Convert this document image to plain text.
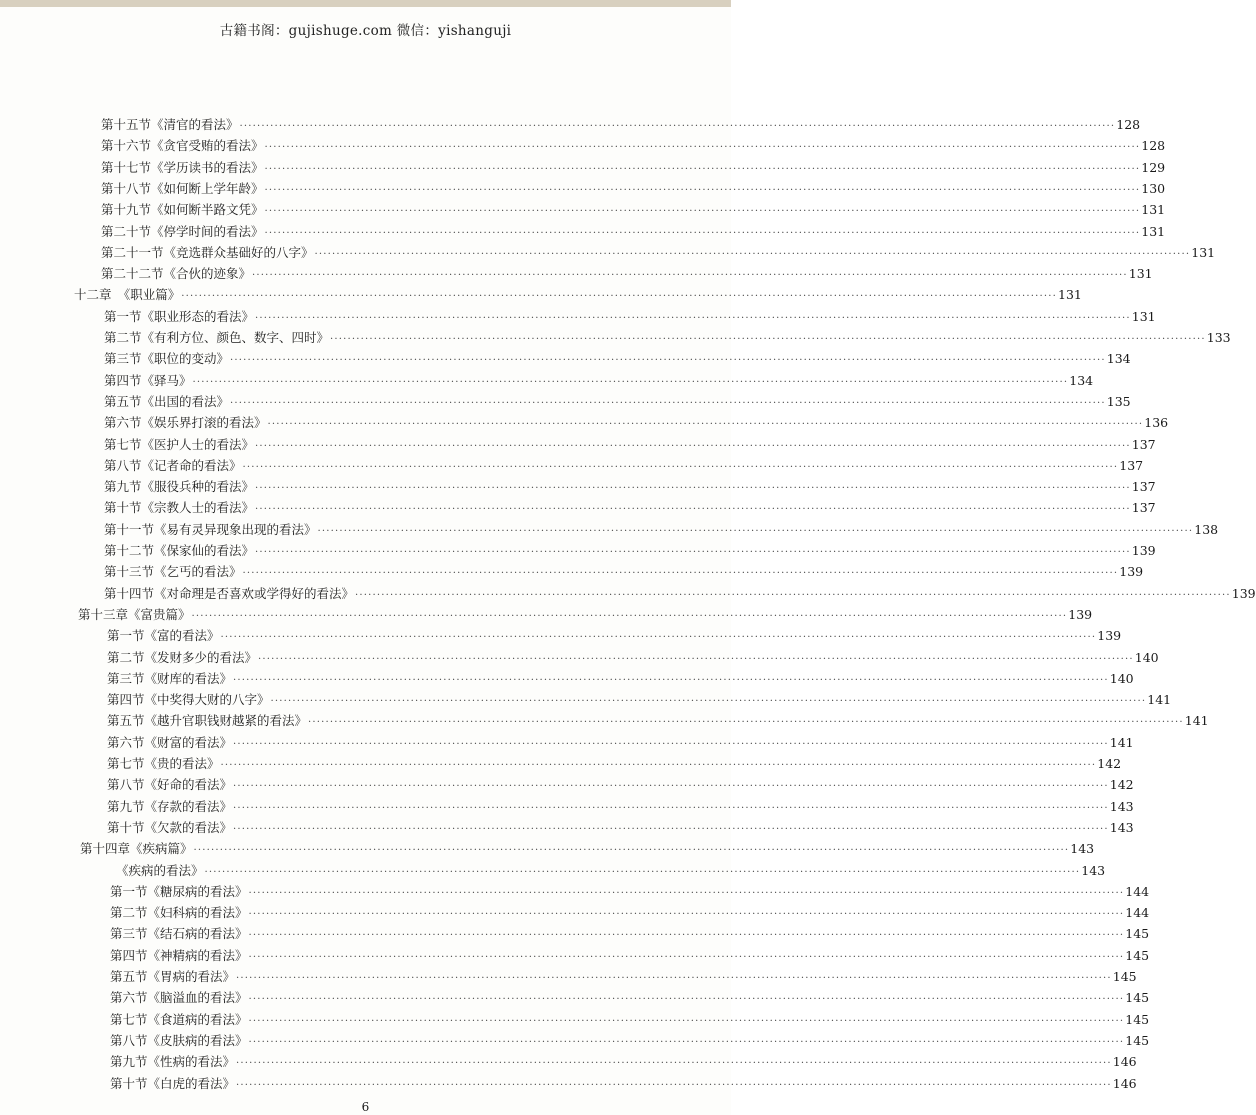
古籍书阁：gujishuge.com 微信：yishanguji
第十五节《清官的看法》 ........................................................................................................................................................................................................ 128
第十六节《贪官受贿的看法》 ........................................................................................................................................................................................................ 128
第十七节《学历读书的看法》 ........................................................................................................................................................................................................ 129
第十八节《如何断上学年龄》 ........................................................................................................................................................................................................ 130
第十九节《如何断半路文凭》 ........................................................................................................................................................................................................ 131
第二十节《停学时间的看法》 ........................................................................................................................................................................................................ 131
第二十一节《竞选群众基础好的八字》 ........................................................................................................................................................................................................ 131
第二十二节《合伙的迹象》 ........................................................................................................................................................................................................ 131
十二章　《职业篇》 ........................................................................................................................................................................................................ 131
第一节《职业形态的看法》 ........................................................................................................................................................................................................ 131
第二节《有利方位、颜色、数字、四时》 ........................................................................................................................................................................................................ 133
第三节《职位的变动》 ........................................................................................................................................................................................................ 134
第四节《驿马》 ........................................................................................................................................................................................................ 134
第五节《出国的看法》 ........................................................................................................................................................................................................ 135
第六节《娱乐界打滚的看法》 ........................................................................................................................................................................................................ 136
第七节《医护人士的看法》 ........................................................................................................................................................................................................ 137
第八节《记者命的看法》 ........................................................................................................................................................................................................ 137
第九节《服役兵种的看法》 ........................................................................................................................................................................................................ 137
第十节《宗教人士的看法》 ........................................................................................................................................................................................................ 137
第十一节《易有灵异现象出现的看法》 ........................................................................................................................................................................................................ 138
第十二节《保家仙的看法》 ........................................................................................................................................................................................................ 139
第十三节《乞丐的看法》 ........................................................................................................................................................................................................ 139
第十四节《对命理是否喜欢或学得好的看法》 ........................................................................................................................................................................................................ 139
第十三章《富贵篇》 ........................................................................................................................................................................................................ 139
第一节《富的看法》 ........................................................................................................................................................................................................ 139
第二节《发财多少的看法》 ........................................................................................................................................................................................................ 140
第三节《财库的看法》 ........................................................................................................................................................................................................ 140
第四节《中奖得大财的八字》 ........................................................................................................................................................................................................ 141
第五节《越升官职钱财越紧的看法》 ........................................................................................................................................................................................................ 141
第六节《财富的看法》 ........................................................................................................................................................................................................ 141
第七节《贵的看法》 ........................................................................................................................................................................................................ 142
第八节《好命的看法》 ........................................................................................................................................................................................................ 142
第九节《存款的看法》 ........................................................................................................................................................................................................ 143
第十节《欠款的看法》 ........................................................................................................................................................................................................ 143
第十四章《疾病篇》 ........................................................................................................................................................................................................ 143
《疾病的看法》 ........................................................................................................................................................................................................ 143
第一节《糖尿病的看法》 ........................................................................................................................................................................................................ 144
第二节《妇科病的看法》 ........................................................................................................................................................................................................ 144
第三节《结石病的看法》 ........................................................................................................................................................................................................ 145
第四节《神精病的看法》 ........................................................................................................................................................................................................ 145
第五节《胃病的看法》 ........................................................................................................................................................................................................ 145
第六节《脑溢血的看法》 ........................................................................................................................................................................................................ 145
第七节《食道病的看法》 ........................................................................................................................................................................................................ 145
第八节《皮肤病的看法》 ........................................................................................................................................................................................................ 145
第九节《性病的看法》 ........................................................................................................................................................................................................ 146
第十节《白虎的看法》 ........................................................................................................................................................................................................ 146
6
